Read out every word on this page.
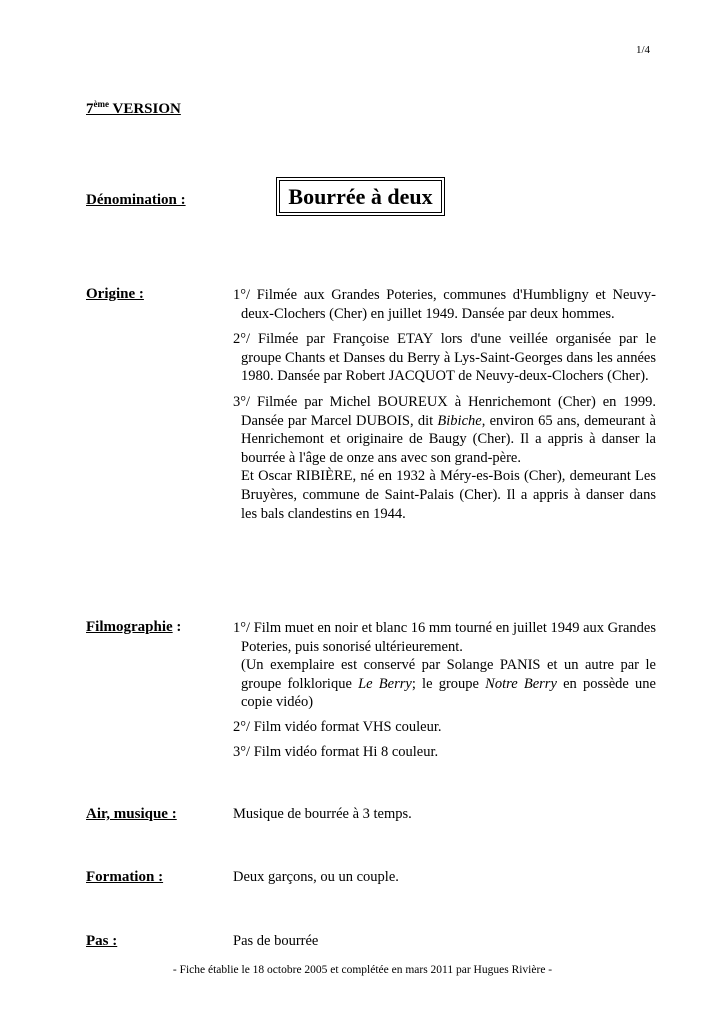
1/4
7ème VERSION
Dénomination :	Bourrée à deux
Origine :	1°/ Filmée aux Grandes Poteries, communes d'Humbligny et Neuvy-deux-Clochers (Cher) en juillet 1949. Dansée par deux hommes.

2°/ Filmée par Françoise ETAY lors d'une veillée organisée par le groupe Chants et Danses du Berry à Lys-Saint-Georges dans les années 1980. Dansée par Robert JACQUOT de Neuvy-deux-Clochers (Cher).

3°/ Filmée par Michel BOUREUX à Henrichemont (Cher) en 1999. Dansée par Marcel DUBOIS, dit Bibiche, environ 65 ans, demeurant à Henrichemont et originaire de Baugy (Cher). Il a appris à danser la bourrée à l'âge de onze ans avec son grand-père.
Et Oscar RIBIÈRE, né en 1932 à Méry-es-Bois (Cher), demeurant Les Bruyères, commune de Saint-Palais (Cher). Il a appris à danser dans les bals clandestins en 1944.

Filmographie :	1°/ Film muet en noir et blanc 16 mm tourné en juillet 1949 aux Grandes Poteries, puis sonorisé ultérieurement.
(Un exemplaire est conservé par Solange PANIS et un autre par le groupe folklorique Le Berry; le groupe Notre Berry en possède une copie vidéo)

2°/ Film vidéo format VHS couleur.

3°/ Film vidéo format Hi 8 couleur.

Air, musique :	Musique de bourrée à 3 temps.
Formation :	Deux garçons, ou un couple.
Pas :	Pas de bourrée
- Fiche établie le 18 octobre 2005 et complétée en mars 2011 par Hugues Rivière -
